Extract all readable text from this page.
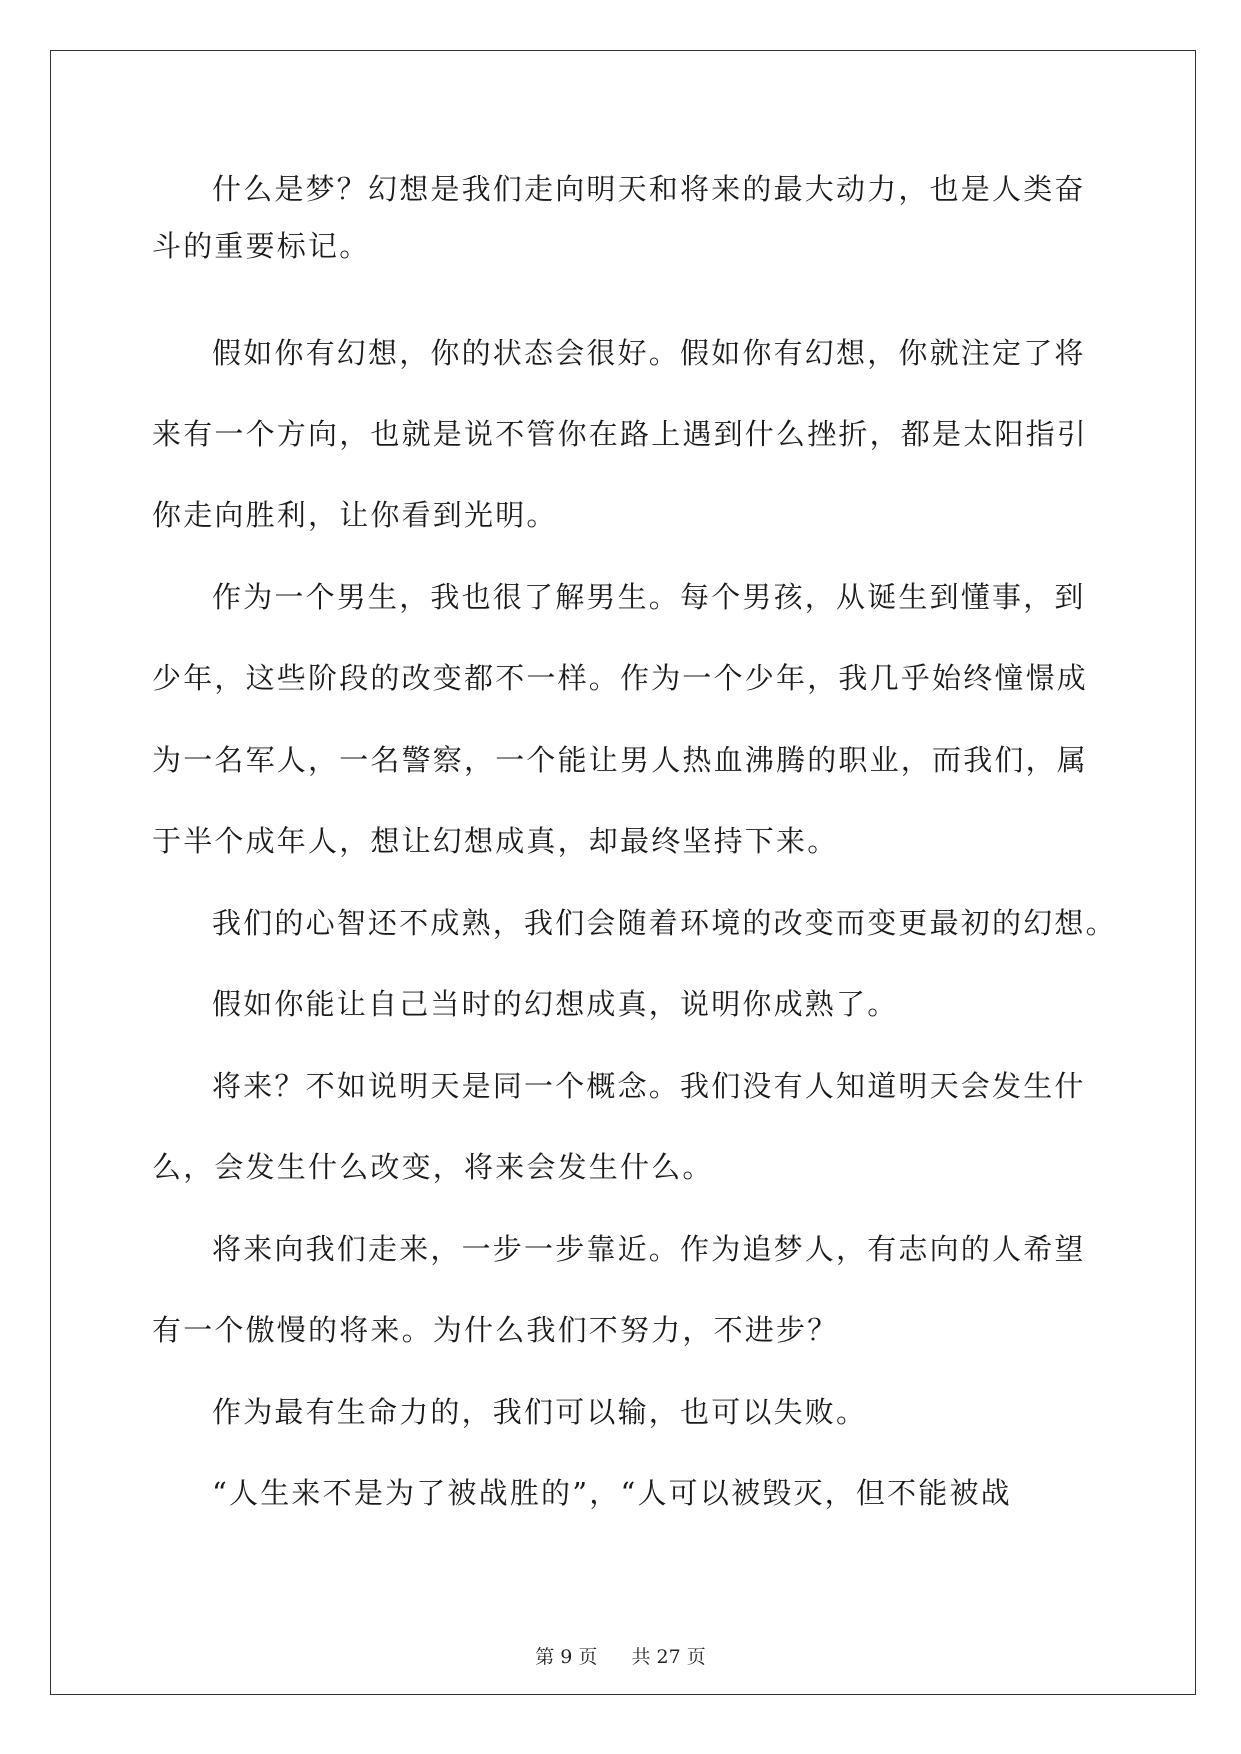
什么是梦？幻想是我们走向明天和将来的最大动力，也是人类奋
斗的重要标记。
假如你有幻想，你的状态会很好。假如你有幻想，你就注定了将
来有一个方向，也就是说不管你在路上遇到什么挫折，都是太阳指引
你走向胜利，让你看到光明。
作为一个男生，我也很了解男生。每个男孩，从诞生到懂事，到
少年，这些阶段的改变都不一样。作为一个少年，我几乎始终憧憬成
为一名军人，一名警察，一个能让男人热血沸腾的职业，而我们，属
于半个成年人，想让幻想成真，却最终坚持下来。
我们的心智还不成熟，我们会随着环境的改变而变更最初的幻想。
假如你能让自己当时的幻想成真，说明你成熟了。
将来？不如说明天是同一个概念。我们没有人知道明天会发生什
么，会发生什么改变，将来会发生什么。
将来向我们走来，一步一步靠近。作为追梦人，有志向的人希望
有一个傲慢的将来。为什么我们不努力，不进步？
作为最有生命力的，我们可以输，也可以失败。
“人生来不是为了被战胜的”，“人可以被毁灭，但不能被战
第 9 页 共 27 页
